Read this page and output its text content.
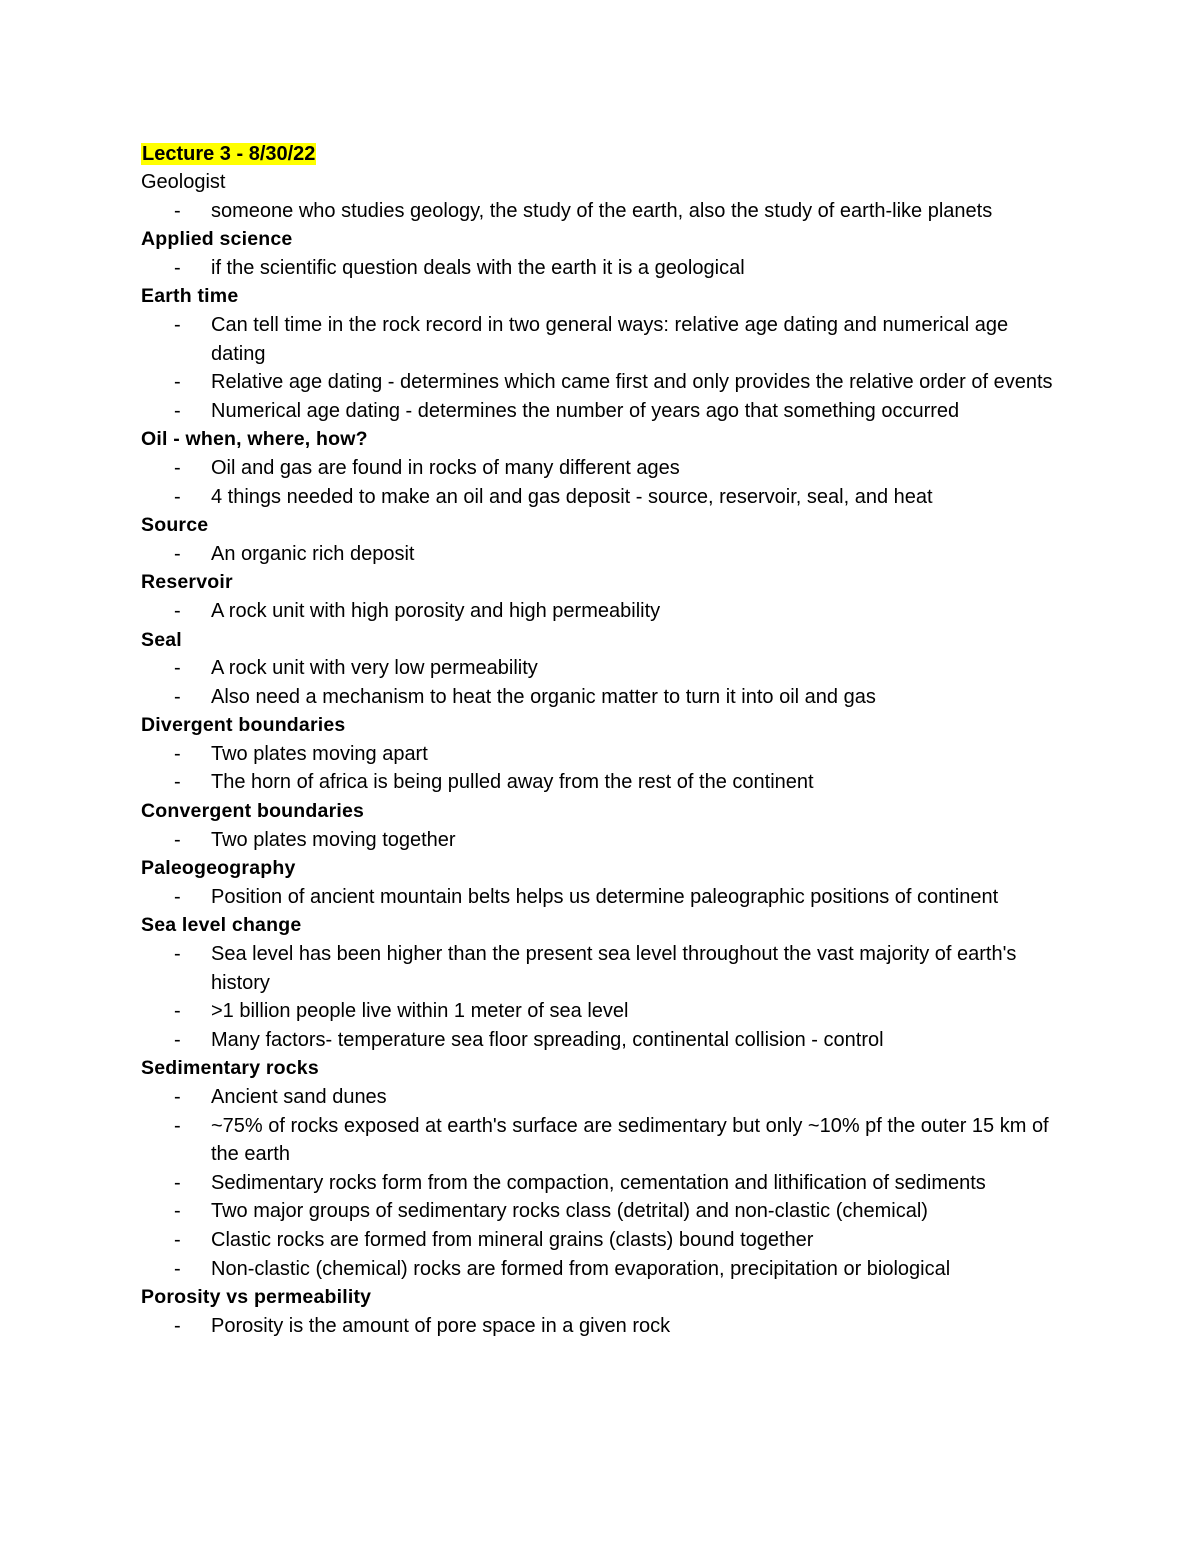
Lecture 3 - 8/30/22
Geologist
- someone who studies geology, the study of the earth, also the study of earth-like planets
Applied science
- if the scientific question deals with the earth it is a geological
Earth time
- Can tell time in the rock record in two general ways: relative age dating and numerical age dating
- Relative age dating - determines which came first and only provides the relative order of events
- Numerical age dating - determines the number of years ago that something occurred
Oil - when, where, how?
- Oil and gas are found in rocks of many different ages
- 4 things needed to make an oil and gas deposit - source, reservoir, seal, and heat
Source
- An organic rich deposit
Reservoir
- A rock unit with high porosity and high permeability
Seal
- A rock unit with very low permeability
- Also need a mechanism to heat the organic matter to turn it into oil and gas
Divergent boundaries
- Two plates moving apart
- The horn of africa is being pulled away from the rest of the continent
Convergent boundaries
- Two plates moving together
Paleogeography
- Position of ancient mountain belts helps us determine paleographic positions of continent
Sea level change
- Sea level has been higher than the present sea level throughout the vast majority of earth's history
- >1 billion people live within 1 meter of sea level
- Many factors- temperature sea floor spreading, continental collision - control
Sedimentary rocks
- Ancient sand dunes
- ~75% of rocks exposed at earth's surface are sedimentary but only ~10% pf the outer 15 km of the earth
- Sedimentary rocks form from the compaction, cementation and lithification of sediments
- Two major groups of sedimentary rocks class (detrital) and non-clastic (chemical)
- Clastic rocks are formed from mineral grains (clasts) bound together
- Non-clastic (chemical) rocks are formed from evaporation, precipitation or biological
Porosity vs permeability
- Porosity is the amount of pore space in a given rock
